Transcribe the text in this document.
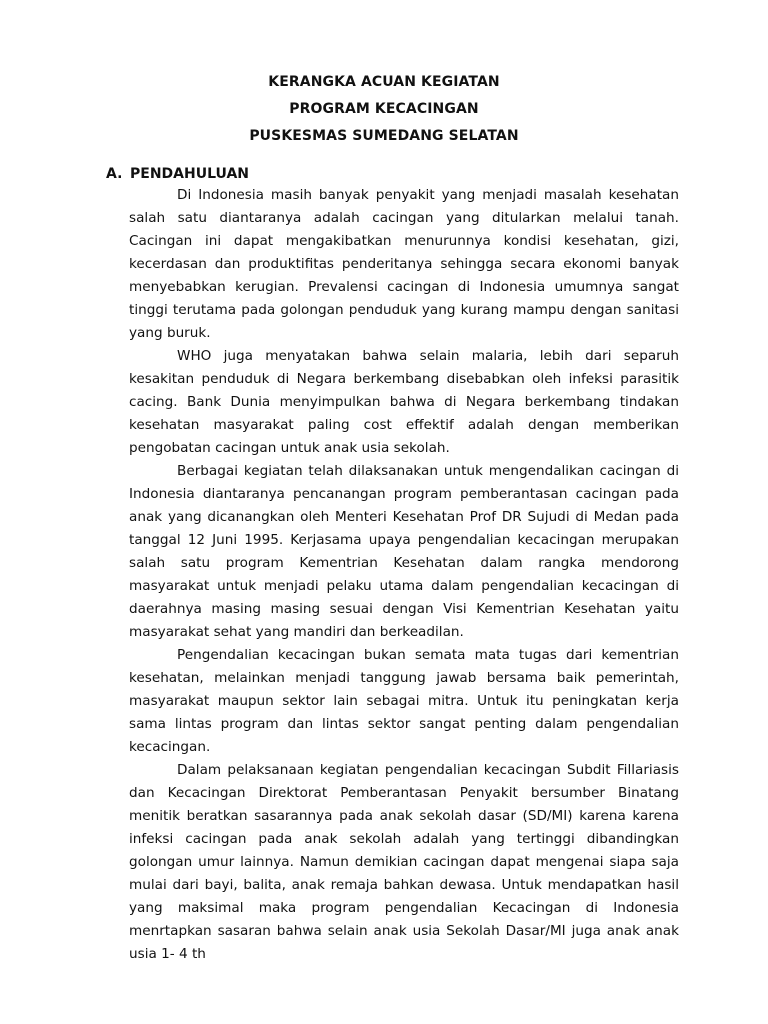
KERANGKA ACUAN KEGIATAN
PROGRAM KECACINGAN
PUSKESMAS SUMEDANG SELATAN
A. PENDAHULUAN

Di Indonesia masih banyak penyakit yang menjadi masalah kesehatan salah satu diantaranya adalah cacingan yang ditularkan melalui tanah. Cacingan ini dapat mengakibatkan menurunnya kondisi kesehatan, gizi, kecerdasan dan produktifitas penderitanya sehingga secara ekonomi banyak menyebabkan kerugian. Prevalensi cacingan di Indonesia umumnya sangat tinggi terutama pada golongan penduduk yang kurang mampu dengan sanitasi yang buruk.

WHO juga menyatakan bahwa selain malaria, lebih dari separuh kesakitan penduduk di Negara berkembang disebabkan oleh infeksi parasitik cacing. Bank Dunia menyimpulkan bahwa di Negara berkembang tindakan kesehatan masyarakat paling cost effektif adalah dengan memberikan pengobatan cacingan untuk anak usia sekolah.

Berbagai kegiatan telah dilaksanakan untuk mengendalikan cacingan di Indonesia diantaranya pencanangan program pemberantasan cacingan pada anak yang dicanangkan oleh Menteri Kesehatan Prof DR Sujudi di Medan pada tanggal 12 Juni 1995. Kerjasama upaya pengendalian kecacingan merupakan salah satu program Kementrian Kesehatan dalam rangka mendorong masyarakat untuk menjadi pelaku utama dalam pengendalian kecacingan di daerahnya masing masing sesuai dengan Visi Kementrian Kesehatan yaitu masyarakat sehat yang mandiri dan berkeadilan.

Pengendalian kecacingan bukan semata mata tugas dari kementrian kesehatan, melainkan menjadi tanggung jawab bersama baik pemerintah, masyarakat maupun sektor lain sebagai mitra. Untuk itu peningkatan kerja sama lintas program dan lintas sektor sangat penting dalam pengendalian kecacingan.

Dalam pelaksanaan kegiatan pengendalian kecacingan Subdit Fillariasis dan Kecacingan Direktorat Pemberantasan Penyakit bersumber Binatang menitik beratkan sasarannya pada anak sekolah dasar (SD/MI) karena karena infeksi cacingan pada anak sekolah adalah yang tertinggi dibandingkan golongan umur lainnya. Namun demikian cacingan dapat mengenai siapa saja mulai dari bayi, balita, anak remaja bahkan dewasa. Untuk mendapatkan hasil yang maksimal maka program pengendalian Kecacingan di Indonesia menrtapkan sasaran bahwa selain anak usia Sekolah Dasar/MI juga anak anak usia 1- 4 th
